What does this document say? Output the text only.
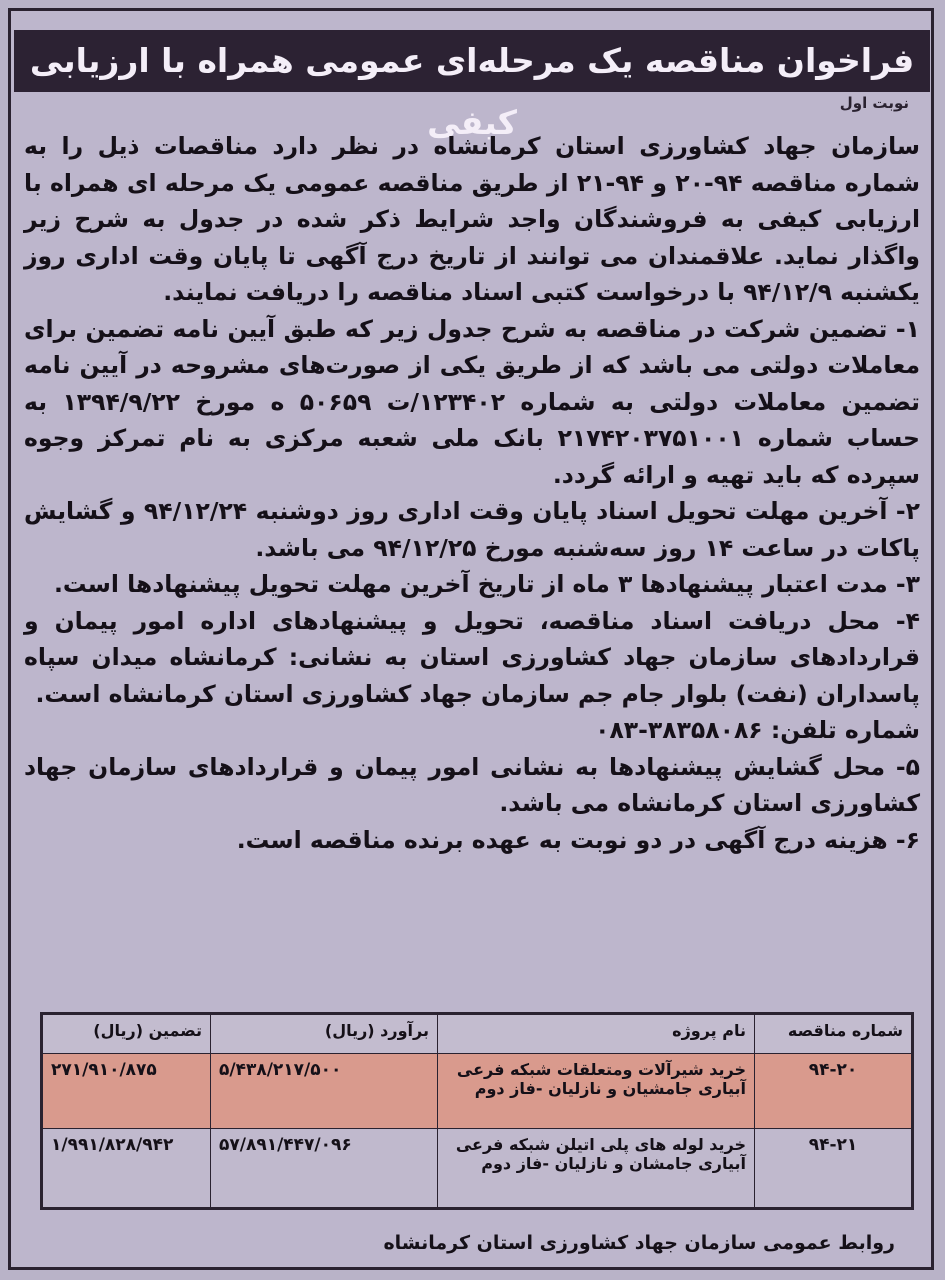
فراخوان مناقصه یک مرحله‌ای عمومی همراه با ارزیابی کیفی	نوبت اول

سازمان جهاد کشاورزی استان کرمانشاه در نظر دارد مناقصات ذیل را به شماره مناقصه ۹۴-۲۰ و ۹۴-۲۱ از طریق مناقصه عمومی یک مرحله ای همراه با ارزیابی کیفی به فروشندگان واجد شرایط ذکر شده در جدول به شرح زیر واگذار نماید. علاقمندان می توانند از تاریخ درج آگهی تا پایان وقت اداری روز یکشنبه ۹۴/۱۲/۹ با درخواست کتبی اسناد مناقصه را دریافت نمایند.

۱- تضمین شرکت در مناقصه به شرح جدول زیر که طبق آیین نامه تضمین برای معاملات دولتی می باشد که از طریق یکی از صورت‌های مشروحه در آیین نامه تضمین معاملات دولتی به شماره ۱۲۳۴۰۲/ت ۵۰۶۵۹ ه مورخ ۱۳۹۴/۹/۲۲ به حساب شماره ۲۱۷۴۲۰۳۷۵۱۰۰۱ بانک ملی شعبه مرکزی به نام تمرکز وجوه سپرده که باید تهیه و ارائه گردد.

۲- آخرین مهلت تحویل اسناد پایان وقت اداری روز دوشنبه ۹۴/۱۲/۲۴ و گشایش پاکات در ساعت ۱۴ روز سه‌شنبه مورخ ۹۴/۱۲/۲۵ می باشد.

۳- مدت اعتبار پیشنهادها ۳ ماه از تاریخ آخرین مهلت تحویل پیشنهادها است.

۴- محل دریافت اسناد مناقصه، تحویل و پیشنهادهای اداره امور پیمان و قراردادهای سازمان جهاد کشاورزی استان به نشانی: کرمانشاه میدان سپاه پاسداران (نفت) بلوار جام جم سازمان جهاد کشاورزی استان کرمانشاه است.

شماره تلفن: ۳۸۳۵۸۰۸۶-۰۸۳

۵- محل گشایش پیشنهادها به نشانی امور پیمان و قراردادهای سازمان جهاد کشاورزی استان کرمانشاه می باشد.

۶- هزینه درج آگهی در دو نوبت به عهده برنده مناقصه است.

شماره مناقصه	نام پروژه	برآورد (ریال)	تضمین (ریال)
۹۴-۲۰	خرید شیرآلات ومتعلقات شبکه فرعی آبیاری جامشیان و نازلیان -فاز دوم	۵/۴۳۸/۲۱۷/۵۰۰	۲۷۱/۹۱۰/۸۷۵
۹۴-۲۱	خرید لوله های پلی اتیلن شبکه فرعی آبیاری جامشان و نازلیان -فاز دوم	۵۷/۸۹۱/۴۴۷/۰۹۶	۱/۹۹۱/۸۲۸/۹۴۲
روابط عمومی سازمان جهاد کشاورزی استان کرمانشاه
